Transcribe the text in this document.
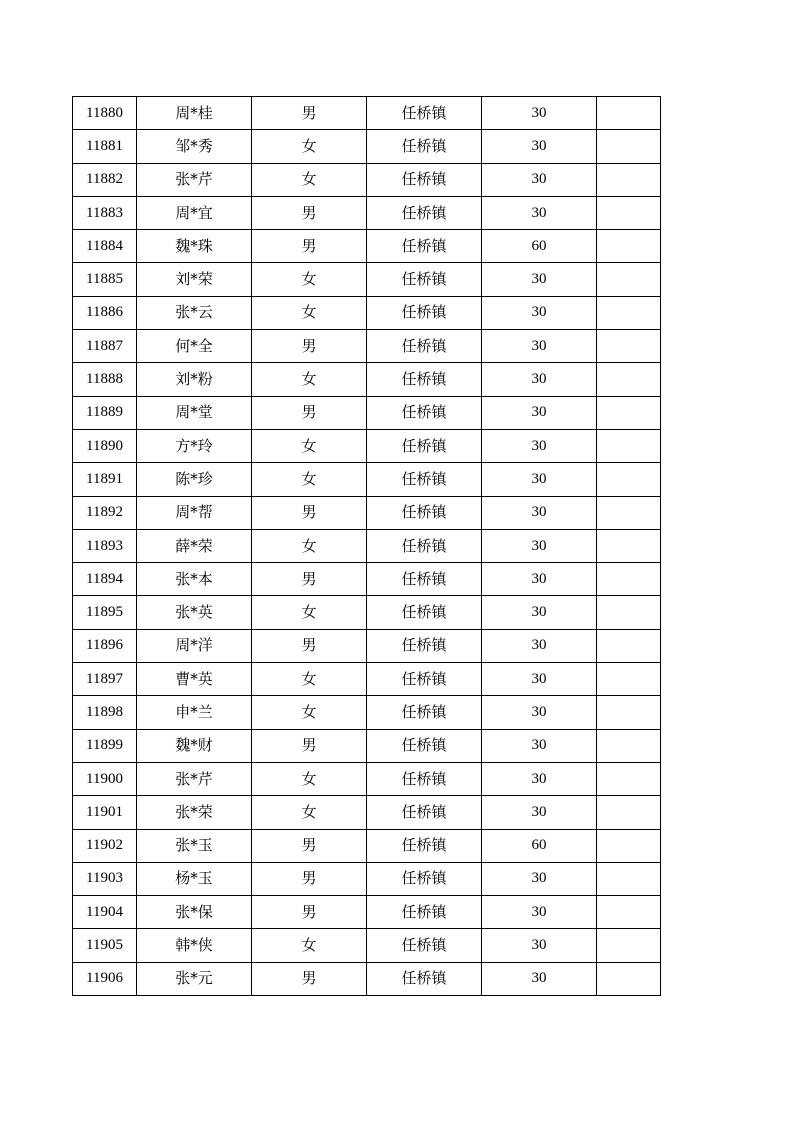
11880	周*桂	男	任桥镇	30	
11881	邹*秀	女	任桥镇	30	
11882	张*芹	女	任桥镇	30	
11883	周*宜	男	任桥镇	30	
11884	魏*珠	男	任桥镇	60	
11885	刘*荣	女	任桥镇	30	
11886	张*云	女	任桥镇	30	
11887	何*全	男	任桥镇	30	
11888	刘*粉	女	任桥镇	30	
11889	周*堂	男	任桥镇	30	
11890	方*玲	女	任桥镇	30	
11891	陈*珍	女	任桥镇	30	
11892	周*帮	男	任桥镇	30	
11893	薛*荣	女	任桥镇	30	
11894	张*本	男	任桥镇	30	
11895	张*英	女	任桥镇	30	
11896	周*洋	男	任桥镇	30	
11897	曹*英	女	任桥镇	30	
11898	申*兰	女	任桥镇	30	
11899	魏*财	男	任桥镇	30	
11900	张*芹	女	任桥镇	30	
11901	张*荣	女	任桥镇	30	
11902	张*玉	男	任桥镇	60	
11903	杨*玉	男	任桥镇	30	
11904	张*保	男	任桥镇	30	
11905	韩*侠	女	任桥镇	30	
11906	张*元	男	任桥镇	30	
